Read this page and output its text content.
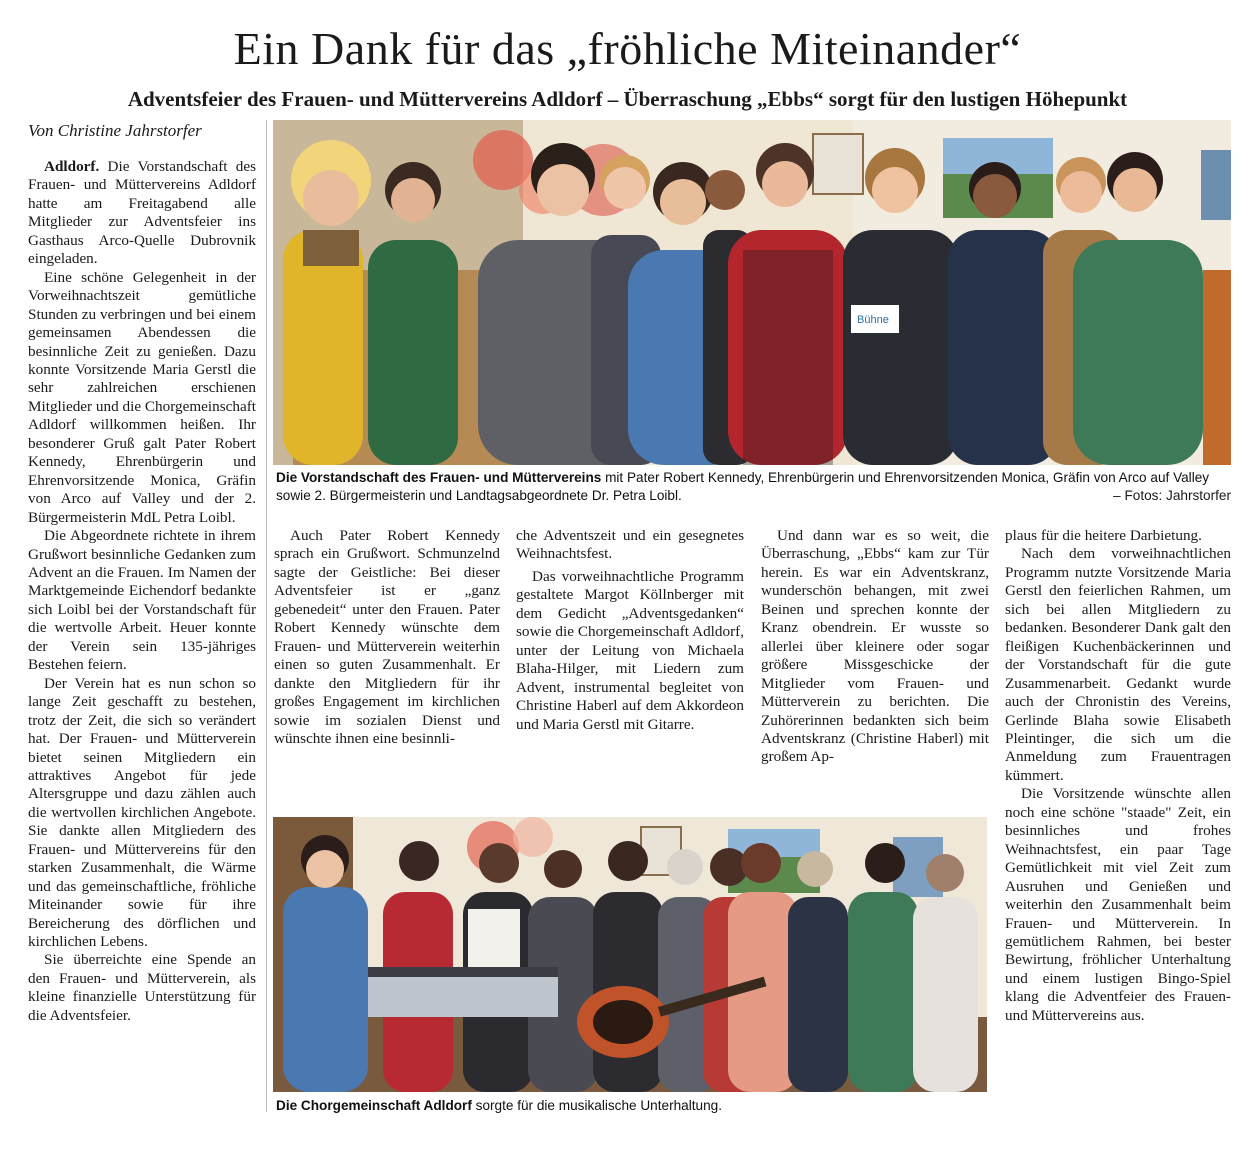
Ein Dank für das „fröhliche Miteinander“
Adventsfeier des Frauen- und Müttervereins Adldorf – Überraschung „Ebbs“ sorgt für den lustigen Höhepunkt

Von Christine Jahrstorfer

Adldorf. Die Vorstandschaft des Frauen- und Müttervereins Adldorf hatte am Freitagabend alle Mitglieder zur Adventsfeier ins Gasthaus Arco-Quelle Dubrovnik eingeladen.

Eine schöne Gelegenheit in der Vorweihnachtszeit gemütliche Stunden zu verbringen und bei einem gemeinsamen Abendessen die besinnliche Zeit zu genießen. Dazu konnte Vorsitzende Maria Gerstl die sehr zahlreichen erschienen Mitglieder und die Chorgemeinschaft Adldorf willkommen heißen. Ihr besonderer Gruß galt Pater Robert Kennedy, Ehrenbürgerin und Ehrenvorsitzende Monica, Gräfin von Arco auf Valley und der 2. Bürgermeisterin MdL Petra Loibl.

Die Abgeordnete richtete in ihrem Grußwort besinnliche Gedanken zum Advent an die Frauen. Im Namen der Marktgemeinde Eichendorf bedankte sich Loibl bei der Vorstandschaft für die wertvolle Arbeit. Heuer konnte der Verein sein 135-jähriges Bestehen feiern.

Der Verein hat es nun schon so lange Zeit geschafft zu bestehen, trotz der Zeit, die sich so verändert hat. Der Frauen- und Mütterverein bietet seinen Mitgliedern ein attraktives Angebot für jede Altersgruppe und dazu zählen auch die wertvollen kirchlichen Angebote. Sie dankte allen Mitgliedern des Frauen- und Müttervereins für den starken Zusammenhalt, die Wärme und das gemeinschaftliche, fröhliche Miteinander sowie für ihre Bereicherung des dörflichen und kirchlichen Lebens.

Sie überreichte eine Spende an den Frauen- und Mütterverein, als kleine finanzielle Unterstützung für die Adventsfeier.

Bühne
Die Vorstandschaft des Frauen- und Müttervereins mit Pater Robert Kennedy, Ehrenbürgerin und Ehrenvorsitzenden Monica, Gräfin von Arco auf Valley sowie 2. Bürgermeisterin und Landtagsabgeordnete Dr. Petra Loibl.	– Fotos: Jahrstorfer

Auch Pater Robert Kennedy sprach ein Grußwort. Schmunzelnd sagte der Geistliche: Bei dieser Adventsfeier ist er „ganz gebenedeit“ unter den Frauen. Pater Robert Kennedy wünschte dem Frauen- und Mütterverein weiterhin einen so guten Zusammenhalt. Er dankte den Mitgliedern für ihr großes Engagement im kirchlichen sowie im sozialen Dienst und wünschte ihnen eine besinnli-

che Adventszeit und ein gesegnetes Weihnachtsfest.

Das vorweihnachtliche Programm gestaltete Margot Köllnberger mit dem Gedicht „Adventsgedanken“ sowie die Chorgemeinschaft Adldorf, unter der Leitung von Michaela Blaha-Hilger, mit Liedern zum Advent, instrumental begleitet von Christine Haberl auf dem Akkordeon und Maria Gerstl mit Gitarre.

Und dann war es so weit, die Überraschung, „Ebbs“ kam zur Tür herein. Es war ein Adventskranz, wunderschön behangen, mit zwei Beinen und sprechen konnte der Kranz obendrein. Er wusste so allerlei über kleinere oder sogar größere Missgeschicke der Mitglieder vom Frauen- und Mütterverein zu berichten. Die Zuhörerinnen bedankten sich beim Adventskranz (Christine Haberl) mit großem Ap-

plaus für die heitere Darbietung.

Nach dem vorweihnachtlichen Programm nutzte Vorsitzende Maria Gerstl den feierlichen Rahmen, um sich bei allen Mitgliedern zu bedanken. Besonderer Dank galt den fleißigen Kuchenbäckerinnen und der Vorstandschaft für die gute Zusammenarbeit. Gedankt wurde auch der Chronistin des Vereins, Gerlinde Blaha sowie Elisabeth Pleintinger, die sich um die Anmeldung zum Frauentragen kümmert.

Die Vorsitzende wünschte allen noch eine schöne "staade" Zeit, ein besinnliches und frohes Weihnachtsfest, ein paar Tage Gemütlichkeit mit viel Zeit zum Ausruhen und Genießen und weiterhin den Zusammenhalt beim Frauen- und Mütterverein. In gemütlichem Rahmen, bei bester Bewirtung, fröhlicher Unterhaltung und einem lustigen Bingo-Spiel klang die Adventfeier des Frauen- und Müttervereins aus.

Die Chorgemeinschaft Adldorf sorgte für die musikalische Unterhaltung.
